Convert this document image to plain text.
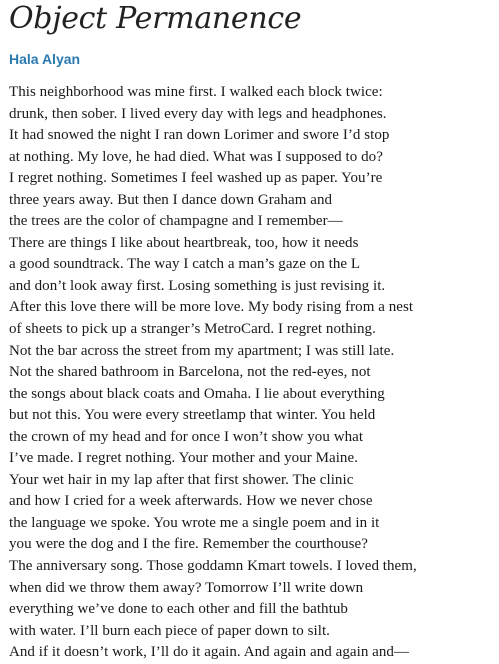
Object Permanence
Hala Alyan
This neighborhood was mine first. I walked each block twice:
drunk, then sober. I lived every day with legs and headphones.
It had snowed the night I ran down Lorimer and swore I’d stop
at nothing. My love, he had died. What was I supposed to do?
I regret nothing. Sometimes I feel washed up as paper. You’re
three years away. But then I dance down Graham and
the trees are the color of champagne and I remember—
There are things I like about heartbreak, too, how it needs
a good soundtrack. The way I catch a man’s gaze on the L
and don’t look away first. Losing something is just revising it.
After this love there will be more love. My body rising from a nest
of sheets to pick up a stranger’s MetroCard. I regret nothing.
Not the bar across the street from my apartment; I was still late.
Not the shared bathroom in Barcelona, not the red-eyes, not
the songs about black coats and Omaha. I lie about everything
but not this. You were every streetlamp that winter. You held
the crown of my head and for once I won’t show you what
I’ve made. I regret nothing. Your mother and your Maine.
Your wet hair in my lap after that first shower. The clinic
and how I cried for a week afterwards. How we never chose
the language we spoke. You wrote me a single poem and in it
you were the dog and I the fire. Remember the courthouse?
The anniversary song. Those goddamn Kmart towels. I loved them,
when did we throw them away? Tomorrow I’ll write down
everything we’ve done to each other and fill the bathtub
with water. I’ll burn each piece of paper down to silt.
And if it doesn’t work, I’ll do it again. And again and again and—
